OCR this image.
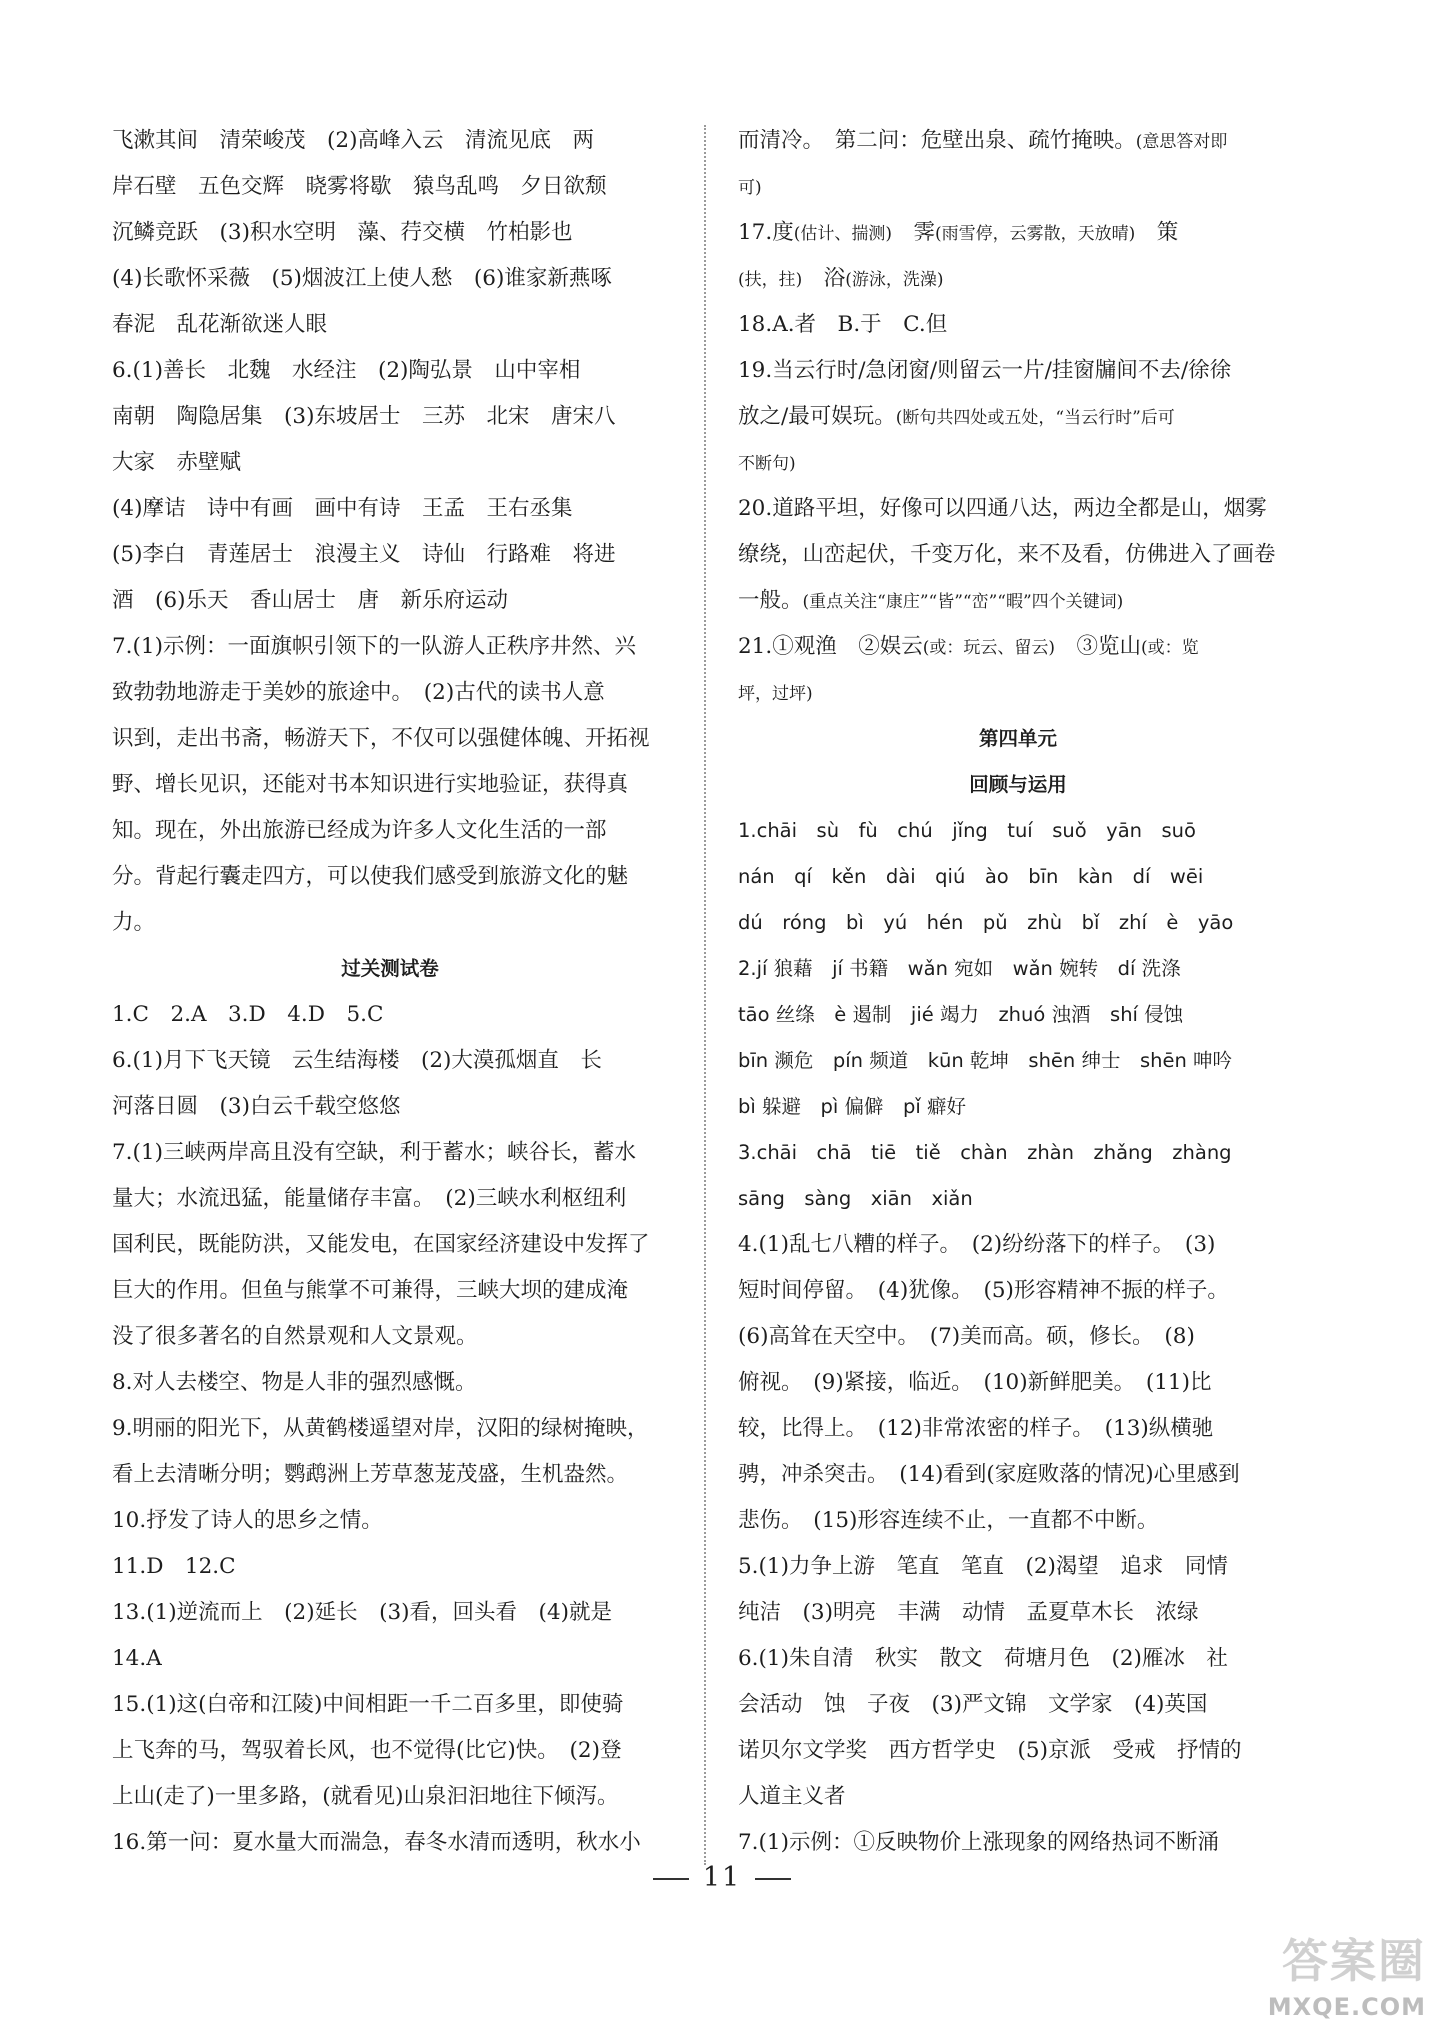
飞漱其间　清荣峻茂　(2)高峰入云　清流见底　两
岸石壁　五色交辉　晓雾将歇　猿鸟乱鸣　夕日欲颓
沉鳞竞跃　(3)积水空明　藻、荇交横　竹柏影也
(4)长歌怀采薇　(5)烟波江上使人愁　(6)谁家新燕啄
春泥　乱花渐欲迷人眼
6.(1)善长　北魏　水经注　(2)陶弘景　山中宰相
南朝　陶隐居集　(3)东坡居士　三苏　北宋　唐宋八
大家　赤壁赋
(4)摩诘　诗中有画　画中有诗　王孟　王右丞集
(5)李白　青莲居士　浪漫主义　诗仙　行路难　将进
酒　(6)乐天　香山居士　唐　新乐府运动
7.(1)示例：一面旗帜引领下的一队游人正秩序井然、兴
致勃勃地游走于美妙的旅途中。　(2)古代的读书人意
识到，走出书斋，畅游天下，不仅可以强健体魄、开拓视
野、增长见识，还能对书本知识进行实地验证，获得真
知。现在，外出旅游已经成为许多人文化生活的一部
分。背起行囊走四方，可以使我们感受到旅游文化的魅
力。
过关测试卷
1.C　2.A　3.D　4.D　5.C
6.(1)月下飞天镜　云生结海楼　(2)大漠孤烟直　长
河落日圆　(3)白云千载空悠悠
7.(1)三峡两岸高且没有空缺，利于蓄水；峡谷长，蓄水
量大；水流迅猛，能量储存丰富。　(2)三峡水利枢纽利
国利民，既能防洪，又能发电，在国家经济建设中发挥了
巨大的作用。但鱼与熊掌不可兼得，三峡大坝的建成淹
没了很多著名的自然景观和人文景观。
8.对人去楼空、物是人非的强烈感慨。
9.明丽的阳光下，从黄鹤楼遥望对岸，汉阳的绿树掩映，
看上去清晰分明；鹦鹉洲上芳草葱茏茂盛，生机盎然。
10.抒发了诗人的思乡之情。
11.D　12.C
13.(1)逆流而上　(2)延长　(3)看，回头看　(4)就是
14.A
15.(1)这(白帝和江陵)中间相距一千二百多里，即使骑
上飞奔的马，驾驭着长风，也不觉得(比它)快。　(2)登
上山(走了)一里多路，(就看见)山泉汩汩地往下倾泻。
16.第一问：夏水量大而湍急，春冬水清而透明，秋水小
而清冷。　第二问：危壁出泉、疏竹掩映。(意思答对即
可)
17.度(估计、揣测)　霁(雨雪停，云雾散，天放晴)　策
(扶，拄)　浴(游泳，洗澡)
18.A.者　B.于　C.但
19.当云行时/急闭窗/则留云一片/挂窗牖间不去/徐徐
放之/最可娱玩。(断句共四处或五处，“当云行时”后可
不断句)
20.道路平坦，好像可以四通八达，两边全都是山，烟雾
缭绕，山峦起伏，千变万化，来不及看，仿佛进入了画卷
一般。(重点关注“康庄”“皆”“峦”“暇”四个关键词)
21.①观渔　②娱云(或：玩云、留云)　③览山(或：览
坪，过坪)
第四单元
回顾与运用
1.chāi　sù　fù　chú　jǐng　tuí　suǒ　yān　suō
nán　qí　kěn　dài　qiú　ào　bīn　kàn　dí　wēi
dú　róng　bì　yú　hén　pǔ　zhù　bǐ　zhí　è　yāo
2.jí 狼藉　jí 书籍　wǎn 宛如　wǎn 婉转　dí 洗涤
tāo 丝绦　è 遏制　jié 竭力　zhuó 浊酒　shí 侵蚀
bīn 濒危　pín 频道　kūn 乾坤　shēn 绅士　shēn 呻吟
bì 躲避　pì 偏僻　pǐ 癖好
3.chāi　chā　tiē　tiě　chàn　zhàn　zhǎng　zhàng
sāng　sàng　xiān　xiǎn
4.(1)乱七八糟的样子。　(2)纷纷落下的样子。　(3)
短时间停留。　(4)犹像。　(5)形容精神不振的样子。
(6)高耸在天空中。　(7)美而高。硕，修长。　(8)
俯视。　(9)紧接，临近。　(10)新鲜肥美。　(11)比
较，比得上。　(12)非常浓密的样子。　(13)纵横驰
骋，冲杀突击。　(14)看到(家庭败落的情况)心里感到
悲伤。　(15)形容连续不止，一直都不中断。
5.(1)力争上游　笔直　笔直　(2)渴望　追求　同情
纯洁　(3)明亮　丰满　动情　孟夏草木长　浓绿
6.(1)朱自清　秋实　散文　荷塘月色　(2)雁冰　社
会活动　蚀　子夜　(3)严文锦　文学家　(4)英国
诺贝尔文学奖　西方哲学史　(5)京派　受戒　抒情的
人道主义者
7.(1)示例：①反映物价上涨现象的网络热词不断涌
11
答案圈
MXQE.COM
